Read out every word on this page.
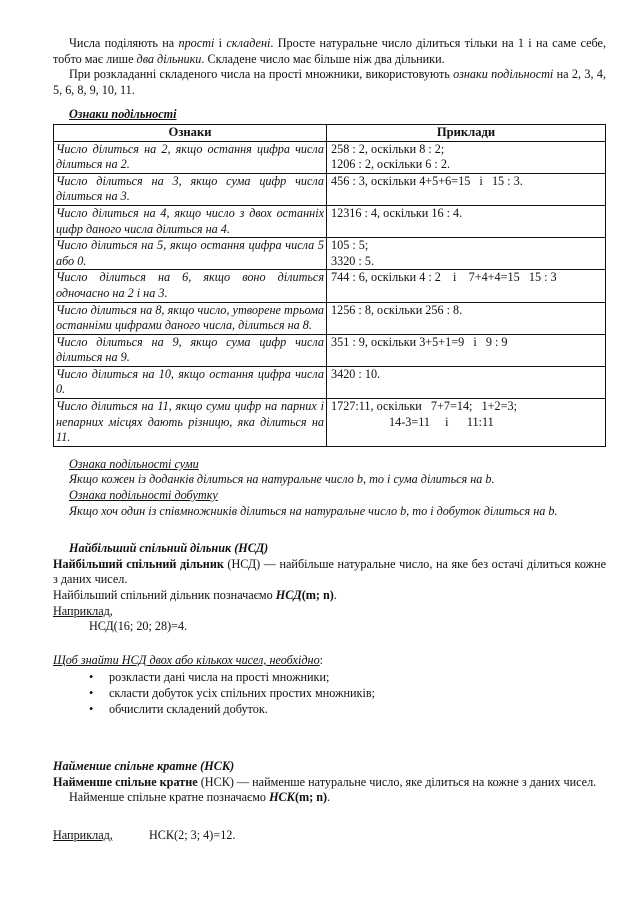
Числа поділяють на прості і складені. Просте натуральне число ділиться тільки на 1 і на саме себе, тобто має лише два дільники. Складене число має більше ніж два дільники.

При розкладанні складеного числа на прості множники, використовують ознаки подільності на 2, 3, 4, 5, 6, 8, 9, 10, 11.

Ознаки подільності

Ознаки	Приклади
Число ділиться на 2, якщо остання цифра числа ділиться на 2.	258 : 2, оскільки 8 : 2;
1206 : 2, оскільки 6 : 2.

Число ділиться на 3, якщо сума цифр числа ділиться на 3.	456 : 3, оскільки 4+5+6=15   і   15 : 3.

Число ділиться на 4, якщо число з двох останніх цифр даного числа ділиться на 4.	12316 : 4, оскільки 16 : 4.

Число ділиться на 5, якщо остання цифра числа 5 або 0.	105 : 5;
3320 : 5.

Число ділиться на 6, якщо воно ділиться одночасно на 2 і на 3.	744 : 6, оскільки 4 : 2    і    7+4+4=15   15 : 3

Число ділиться на 8, якщо число, утворене трьома останніми цифрами даного числа, ділиться на 8.	1256 : 8, оскільки 256 : 8.

Число ділиться на 9, якщо сума цифр числа ділиться на 9.	351 : 9, оскільки 3+5+1=9   і   9 : 9

Число ділиться на 10, якщо остання цифра числа 0.	3420 : 10.

Число ділиться на 11, якщо суми цифр на парних і непарних місцях дають різницю, яка ділиться на 11.	1727:11, оскільки   7+7=14;   1+2=3;
14-3=11     і      11:11

Ознака подільності суми

Якщо кожен із доданків ділиться на натуральне число b, то і сума ділиться на b.

Ознака подільності добутку

Якщо хоч один із співмножників ділиться на натуральне число b, то і добуток ділиться на b.

Найбільший спільний дільник (НСД)

Найбільший спільний дільник (НСД) — найбільше натуральне число, на яке без остачі ділиться кожне з даних чисел.

Найбільший спільний дільник позначаємо НСД(m; n).

Наприклад,

НСД(16; 20; 28)=4.

Щоб знайти НСД двох або кількох чисел, необхідно:

• розкласти дані числа на прості множники;
• скласти добуток усіх спільних простих множників;
• обчислити складений добуток.

Найменше спільне кратне (НСК)

Найменше спільне кратне (НСК) — найменше натуральне число, яке ділиться на кожне з даних чисел.

Найменше спільне кратне позначаємо НСК(m; n).

Наприклад,	НСК(2; 3; 4)=12.
